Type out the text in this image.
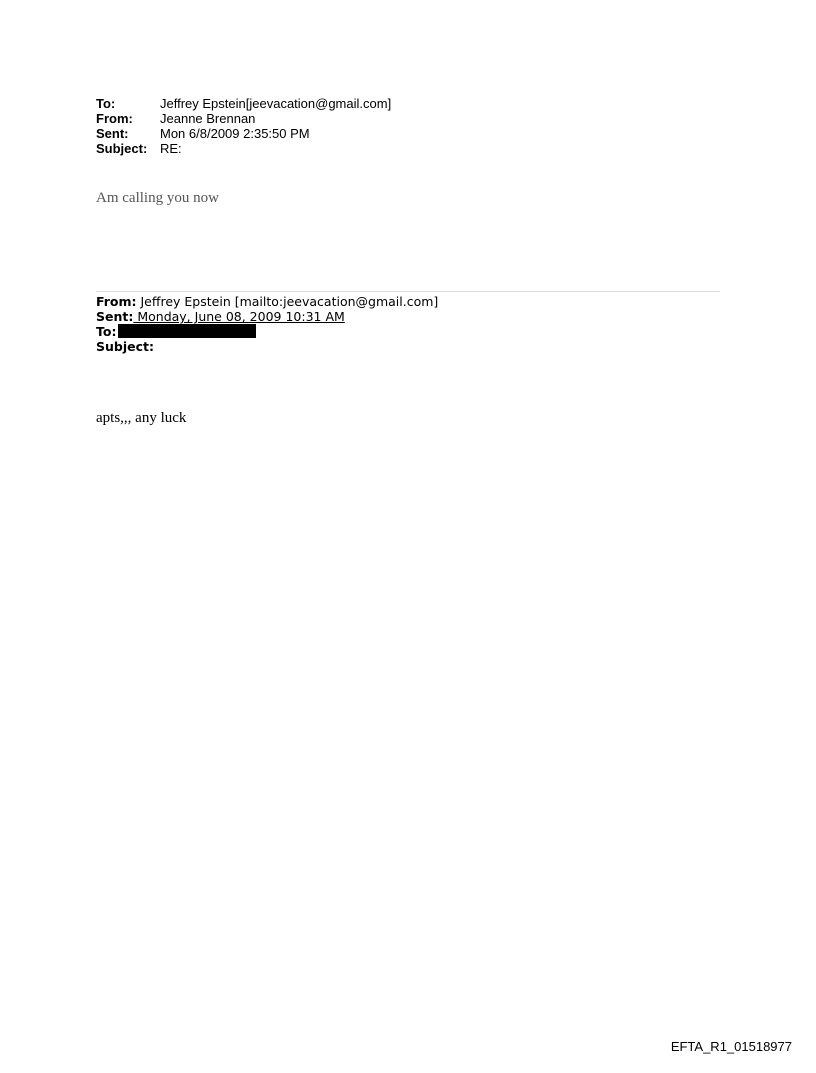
To:	Jeffrey Epstein[jeevacation@gmail.com]
From:	Jeanne Brennan
Sent:	Mon 6/8/2009 2:35:50 PM
Subject: RE:
Am calling you now
From: Jeffrey Epstein [mailto:jeevacation@gmail.com]
Sent: Monday, June 08, 2009 10:31 AM
To:
Subject:
apts,,, any luck
EFTA_R1_01518977
